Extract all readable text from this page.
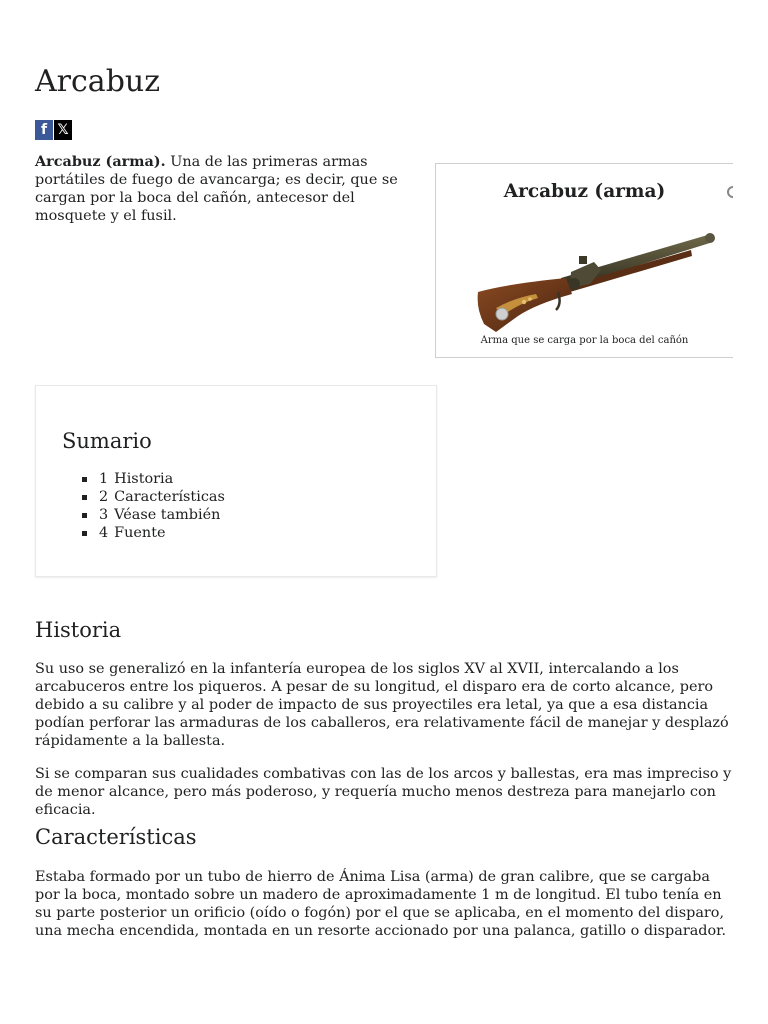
Arcabuz
f 𝕏

Arcabuz (arma). Una de las primeras armas portátiles de fuego de avancarga; es decir, que se cargan por la boca del cañón, antecesor del mosquete y el fusil.

Arcabuz (arma)
Arma que se carga por la boca del cañón
Sumario
1 Historia
2 Características
3 Véase también
4 Fuente
Historia

Su uso se generalizó en la infantería europea de los siglos XV al XVII, intercalando a los arcabuceros entre los piqueros. A pesar de su longitud, el disparo era de corto alcance, pero debido a su calibre y al poder de impacto de sus proyectiles era letal, ya que a esa distancia podían perforar las armaduras de los caballeros, era relativamente fácil de manejar y desplazó rápidamente a la ballesta.

Si se comparan sus cualidades combativas con las de los arcos y ballestas, era mas impreciso y de menor alcance, pero más poderoso, y requería mucho menos destreza para manejarlo con eficacia.

Características

Estaba formado por un tubo de hierro de Ánima Lisa (arma) de gran calibre, que se cargaba por la boca, montado sobre un madero de aproximadamente 1 m de longitud. El tubo tenía en su parte posterior un orificio (oído o fogón) por el que se aplicaba, en el momento del disparo, una mecha encendida, montada en un resorte accionado por una palanca, gatillo o disparador.
